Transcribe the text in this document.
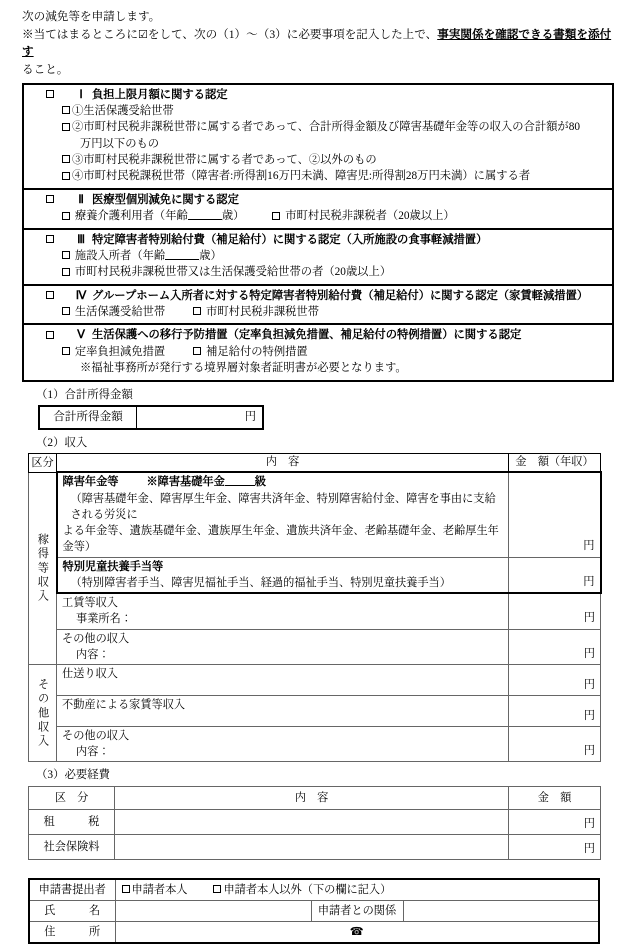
次の減免等を申請します。

※当てはまるところに☑をして、次の（1）～（3）に必要事項を記入した上で、事実関係を確認できる書類を添付す

ること。

Ⅰ 負担上限月額に関する認定
①生活保護受給世帯
②市町村民税非課税世帯に属する者であって、合計所得金額及び障害基礎年金等の収入の合計額が80
万円以下のもの
③市町村民税非課税世帯に属する者であって、②以外のもの
④市町村民税課税世帯（障害者:所得割16万円未満、障害児:所得割28万円未満）に属する者
Ⅱ 医療型個別減免に関する認定
療養介護利用者（年齢	歳）	市町村民税非課税者（20歳以上）
Ⅲ 特定障害者特別給付費（補足給付）に関する認定（入所施設の食事軽減措置）
施設入所者（年齢	歳）
市町村民税非課税世帯又は生活保護受給世帯の者（20歳以上）
Ⅳ グループホーム入所者に対する特定障害者特別給付費（補足給付）に関する認定（家賃軽減措置）
生活保護受給世帯	市町村民税非課税世帯
Ⅴ 生活保護への移行予防措置（定率負担減免措置、補足給付の特例措置）に関する認定
定率負担減免措置	補足給付の特例措置
※福祉事務所が発行する境界層対象者証明書が必要となります。
（1）合計所得金額
合計所得金額	円
（2）収入
区分	内　容	金　額（年収）
稼得等収入	障害年金等 ※障害基礎年金 級
（障害基礎年金、障害厚生年金、障害共済年金、特別障害給付金、障害を事由に支給される労災に
よる年金等、遺族基礎年金、遺族厚生年金、遺族共済年金、老齢基礎年金、老齢厚生年金等）	円

	特別児童扶養手当等
（特別障害者手当、障害児福祉手当、経過的福祉手当、特別児童扶養手当）	円

	工賃等収入
事業所名：	円

	その他の収入
内容：	円
その他収入	仕送り収入	円

	不動産による家賃等収入	円

	その他の収入
内容：	円
（3）必要経費
区　分	内　容	金　額
租　　　税		円
社会保険料		円
申請書提出者	申請者本人 申請者本人以外（下の欄に記入）		
氏　　　名		申請者との関係	
住　　　所	☎		
